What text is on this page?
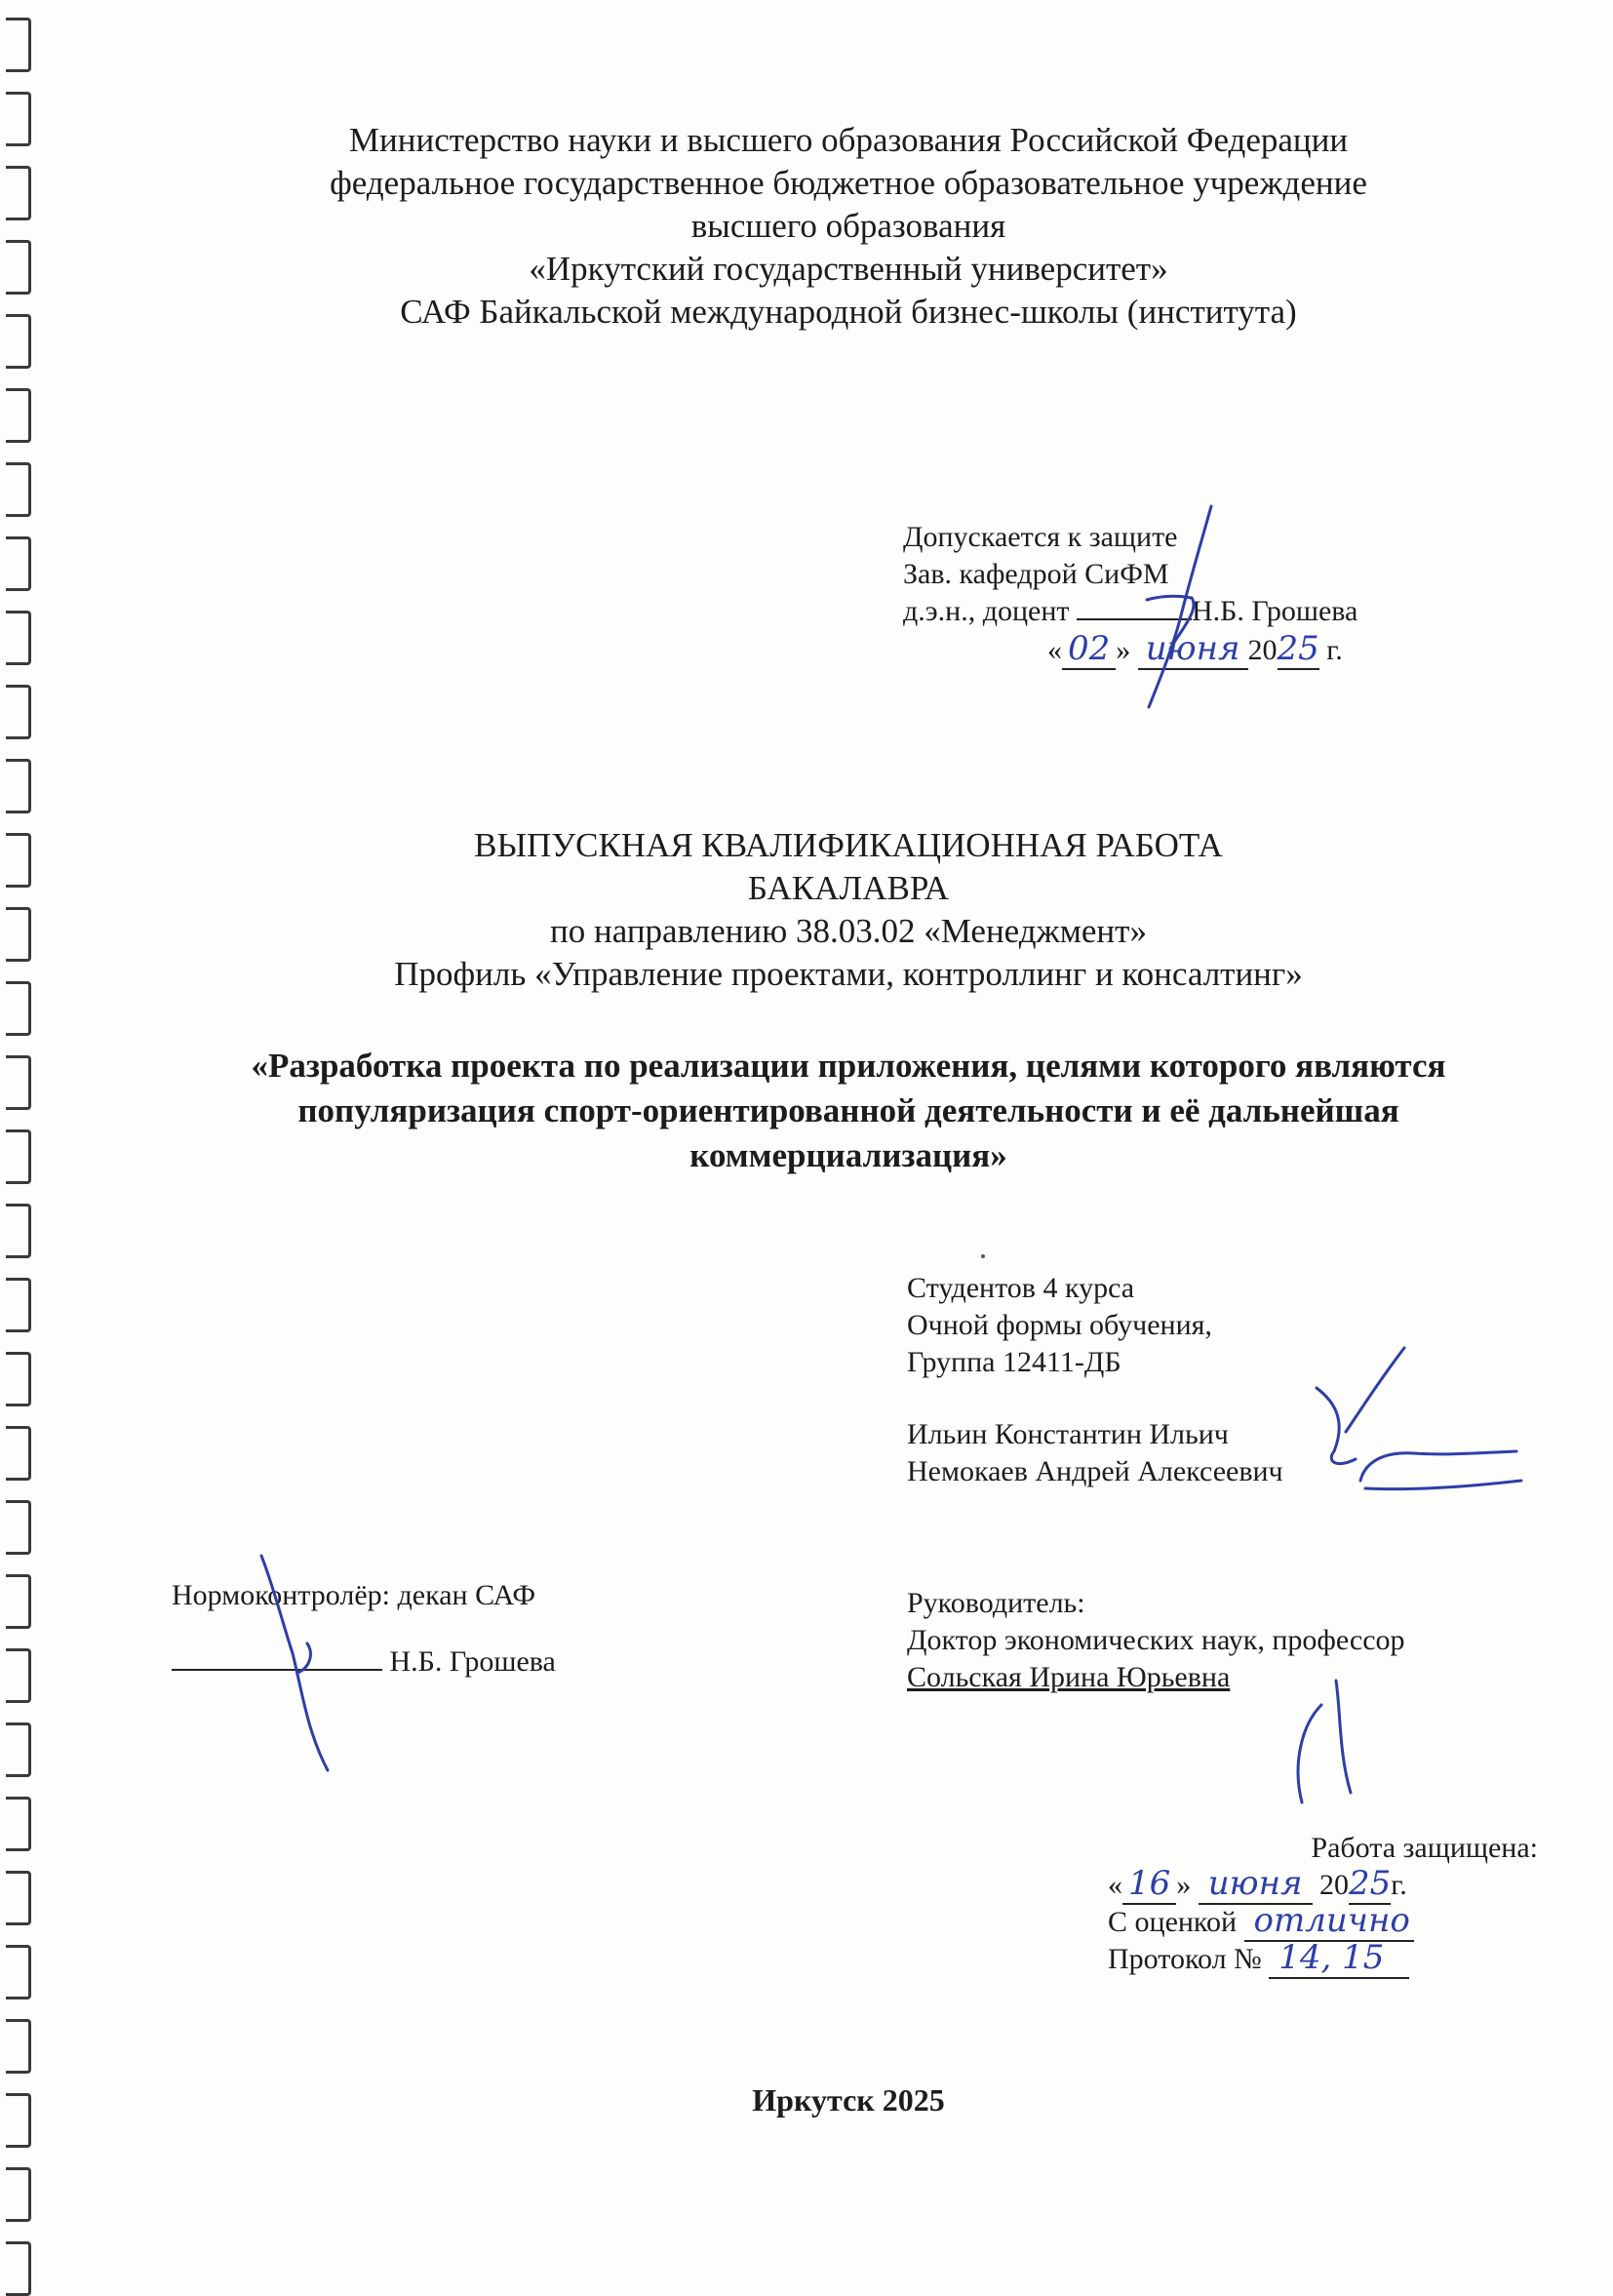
Министерство науки и высшего образования Российской Федерации
федеральное государственное бюджетное образовательное учреждение
высшего образования
«Иркутский государственный университет»
САФ Байкальской международной бизнес-школы (института)
Допускается к защите
Зав. кафедрой СиФМ
д.э.н., доцент	Н.Б. Грошева
« 02 » июня 2025 г.
ВЫПУСКНАЯ КВАЛИФИКАЦИОННАЯ РАБОТА
БАКАЛАВРА
по направлению 38.03.02 «Менеджмент»
Профиль «Управление проектами, контроллинг и консалтинг»
«Разработка проекта по реализации приложения, целями которого являются
популяризация спорт-ориентированной деятельности и её дальнейшая
коммерциализация»
Студентов 4 курса
Очной формы обучения,
Группа 12411-ДБ
Ильин Константин Ильич
Немокаев Андрей Алексеевич
Нормоконтролёр: декан САФ
Н.Б. Грошева
Руководитель:
Доктор экономических наук, профессор
Сольская Ирина Юрьевна
Работа защищена:
« 16 » июня 2025г.
С оценкой отлично
Протокол № 14, 15
Иркутск 2025
